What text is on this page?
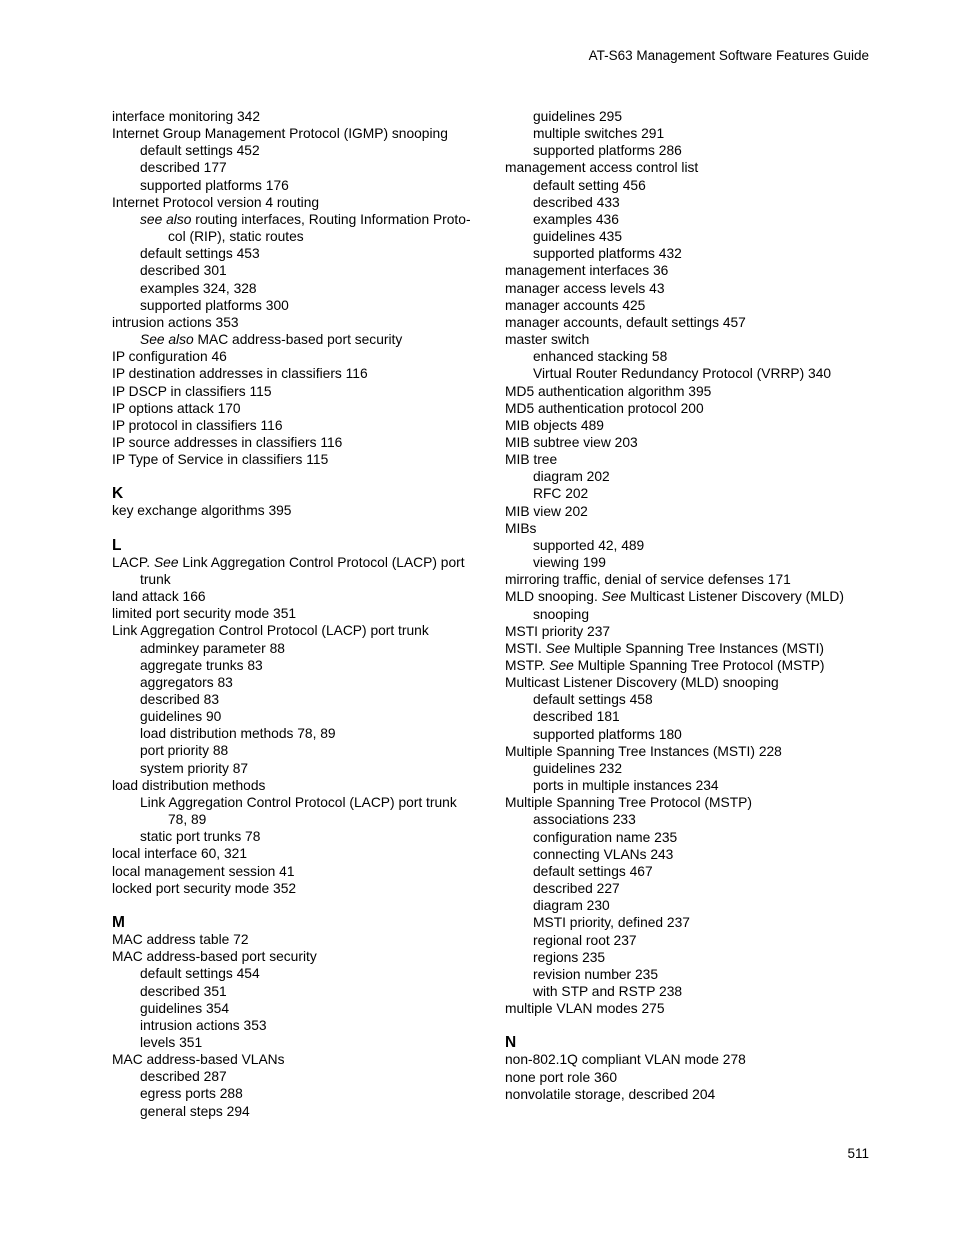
AT-S63 Management Software Features Guide
interface monitoring 342
Internet Group Management Protocol (IGMP) snooping
default settings 452
described 177
supported platforms 176
Internet Protocol version 4 routing
see also routing interfaces, Routing Information Proto-
col (RIP), static routes
default settings 453
described 301
examples 324, 328
supported platforms 300
intrusion actions 353
See also MAC address-based port security
IP configuration 46
IP destination addresses in classifiers 116
IP DSCP in classifiers 115
IP options attack 170
IP protocol in classifiers 116
IP source addresses in classifiers 116
IP Type of Service in classifiers 115
K
key exchange algorithms 395
L
LACP. See Link Aggregation Control Protocol (LACP) port
trunk
land attack 166
limited port security mode 351
Link Aggregation Control Protocol (LACP) port trunk
adminkey parameter 88
aggregate trunks 83
aggregators 83
described 83
guidelines 90
load distribution methods 78, 89
port priority 88
system priority 87
load distribution methods
Link Aggregation Control Protocol (LACP) port trunk
78, 89
static port trunks 78
local interface 60, 321
local management session 41
locked port security mode 352
M
MAC address table 72
MAC address-based port security
default settings 454
described 351
guidelines 354
intrusion actions 353
levels 351
MAC address-based VLANs
described 287
egress ports 288
general steps 294
guidelines 295
multiple switches 291
supported platforms 286
management access control list
default setting 456
described 433
examples 436
guidelines 435
supported platforms 432
management interfaces 36
manager access levels 43
manager accounts 425
manager accounts, default settings 457
master switch
enhanced stacking 58
Virtual Router Redundancy Protocol (VRRP) 340
MD5 authentication algorithm 395
MD5 authentication protocol 200
MIB objects 489
MIB subtree view 203
MIB tree
diagram 202
RFC 202
MIB view 202
MIBs
supported 42, 489
viewing 199
mirroring traffic, denial of service defenses 171
MLD snooping. See Multicast Listener Discovery (MLD)
snooping
MSTI priority 237
MSTI. See Multiple Spanning Tree Instances (MSTI)
MSTP. See Multiple Spanning Tree Protocol (MSTP)
Multicast Listener Discovery (MLD) snooping
default settings 458
described 181
supported platforms 180
Multiple Spanning Tree Instances (MSTI) 228
guidelines 232
ports in multiple instances 234
Multiple Spanning Tree Protocol (MSTP)
associations 233
configuration name 235
connecting VLANs 243
default settings 467
described 227
diagram 230
MSTI priority, defined 237
regional root 237
regions 235
revision number 235
with STP and RSTP 238
multiple VLAN modes 275
N
non-802.1Q compliant VLAN mode 278
none port role 360
nonvolatile storage, described 204
511
